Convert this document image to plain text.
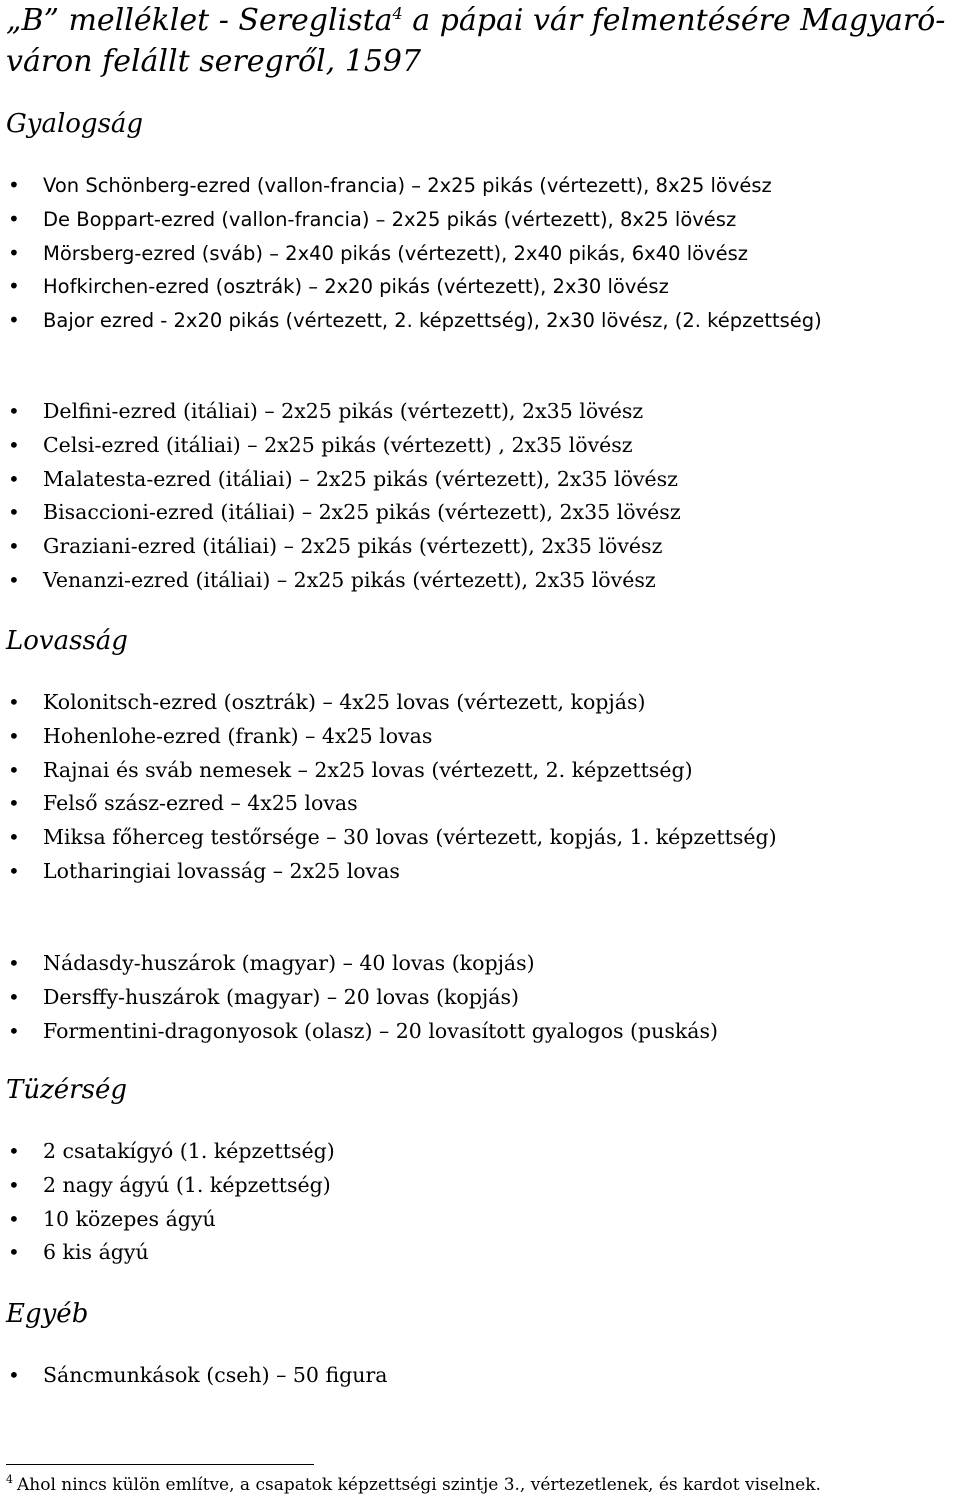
„B” melléklet - Sereglista$^4$ a pápai vár felmentésére Magyaró-váron felállt seregről, 1597
Gyalogság
• Von Schönberg-ezred (vallon-francia) – 2x25 pikás (vértezett), 8x25 lövész
• De Boppart-ezred (vallon-francia) – 2x25 pikás (vértezett), 8x25 lövész
• Mörsberg-ezred (sváb) – 2x40 pikás (vértezett), 2x40 pikás, 6x40 lövész
• Hofkirchen-ezred (osztrák) – 2x20 pikás (vértezett), 2x30 lövész
• Bajor ezred - 2x20 pikás (vértezett, 2. képzettség), 2x30 lövész, (2. képzettség)
• Delfini-ezred (itáliai) – 2x25 pikás (vértezett), 2x35 lövész
• Celsi-ezred (itáliai) – 2x25 pikás (vértezett) , 2x35 lövész
• Malatesta-ezred (itáliai) – 2x25 pikás (vértezett), 2x35 lövész
• Bisaccioni-ezred (itáliai) – 2x25 pikás (vértezett), 2x35 lövész
• Graziani-ezred (itáliai) – 2x25 pikás (vértezett), 2x35 lövész
• Venanzi-ezred (itáliai) – 2x25 pikás (vértezett), 2x35 lövész
Lovasság
• Kolonitsch-ezred (osztrák) – 4x25 lovas (vértezett, kopjás)
• Hohenlohe-ezred (frank) – 4x25 lovas
• Rajnai és sváb nemesek – 2x25 lovas (vértezett, 2. képzettség)
• Felső szász-ezred – 4x25 lovas
• Miksa főherceg testőrsége – 30 lovas (vértezett, kopjás, 1. képzettség)
• Lotharingiai lovasság – 2x25 lovas
• Nádasdy-huszárok (magyar) – 40 lovas (kopjás)
• Dersffy-huszárok (magyar) – 20 lovas (kopjás)
• Formentini-dragonyosok (olasz) – 20 lovasított gyalogos (puskás)
Tüzérség
• 2 csatakígyó (1. képzettség)
• 2 nagy ágyú (1. képzettség)
• 10 közepes ágyú
• 6 kis ágyú
Egyéb
• Sáncmunkások (cseh) – 50 figura
$^4$ Ahol nincs külön említve, a csapatok képzettségi szintje 3., vértezetlenek, és kardot viselnek.
